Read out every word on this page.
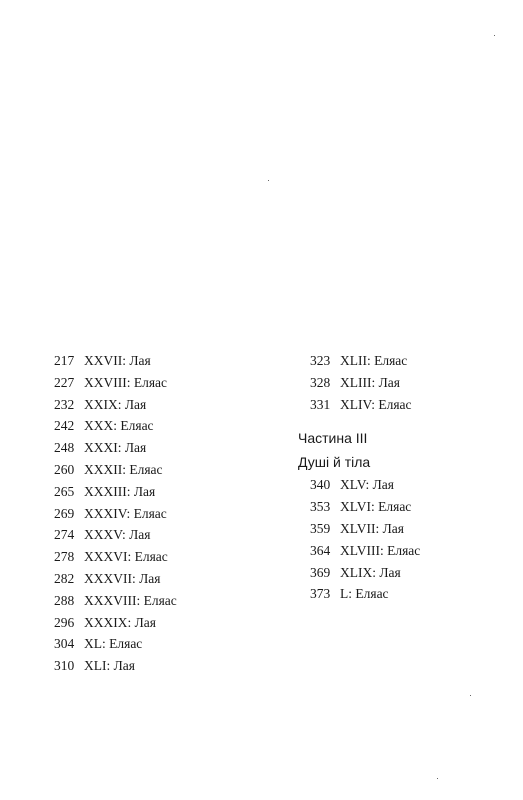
217 XXVII: Лая
227 XXVIII: Еляас
232 XXIX: Лая
242 XXX: Еляас
248 XXXI: Лая
260 XXXII: Еляас
265 XXXIII: Лая
269 XXXIV: Еляас
274 XXXV: Лая
278 XXXVI: Еляас
282 XXXVII: Лая
288 XXXVIII: Еляас
296 XXXIX: Лая
304 XL: Еляас
310 XLI: Лая
323 XLII: Еляас
328 XLIII: Лая
331 XLIV: Еляас
Частина III
Душі й тіла
340 XLV: Лая
353 XLVI: Еляас
359 XLVII: Лая
364 XLVIII: Еляас
369 XLIX: Лая
373 L: Еляас
